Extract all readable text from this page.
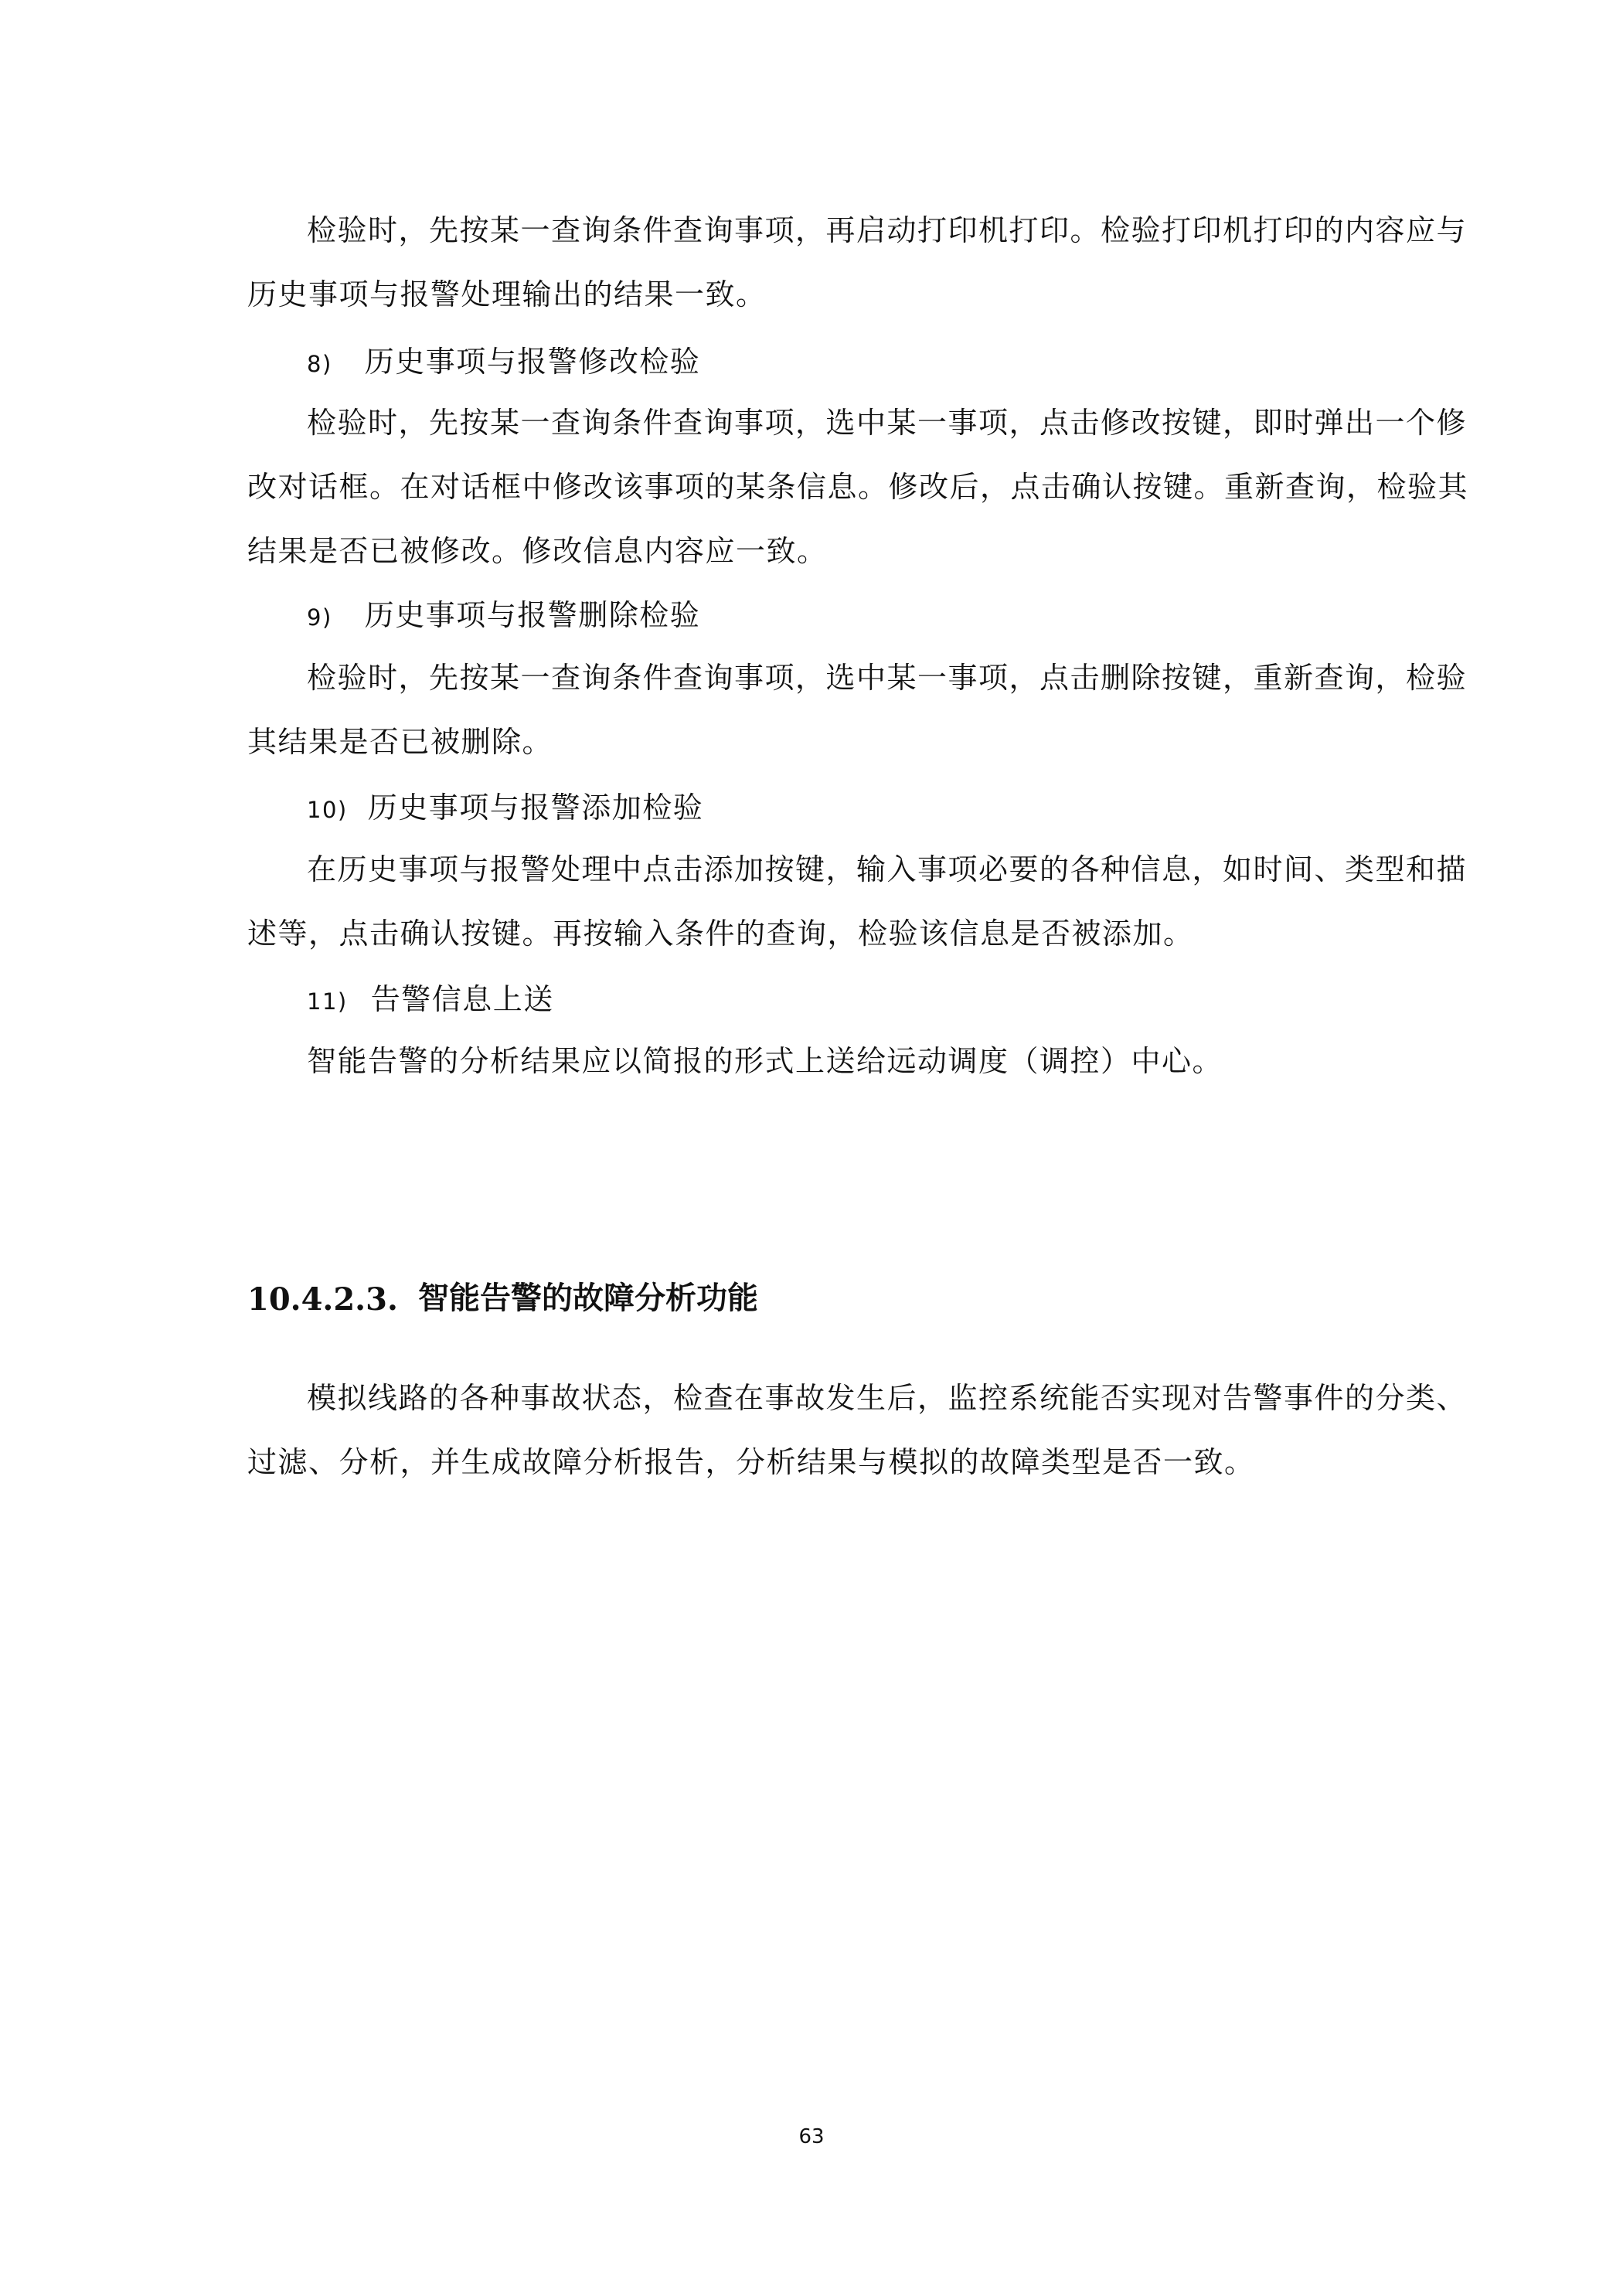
检验时，先按某一查询条件查询事项，再启动打印机打印。检验打印机打印的内容应与
历史事项与报警处理输出的结果一致。
8) 历史事项与报警修改检验
检验时，先按某一查询条件查询事项，选中某一事项，点击修改按键，即时弹出一个修
改对话框。在对话框中修改该事项的某条信息。修改后，点击确认按键。重新查询，检验其
结果是否已被修改。修改信息内容应一致。
9) 历史事项与报警删除检验
检验时，先按某一查询条件查询事项，选中某一事项，点击删除按键，重新查询，检验
其结果是否已被删除。
10) 历史事项与报警添加检验
在历史事项与报警处理中点击添加按键，输入事项必要的各种信息，如时间、类型和描
述等，点击确认按键。再按输入条件的查询，检验该信息是否被添加。
11) 告警信息上送
智能告警的分析结果应以简报的形式上送给远动调度（调控）中心。
10.4.2.3. 智能告警的故障分析功能
模拟线路的各种事故状态，检查在事故发生后，监控系统能否实现对告警事件的分类、
过滤、分析，并生成故障分析报告，分析结果与模拟的故障类型是否一致。
63
